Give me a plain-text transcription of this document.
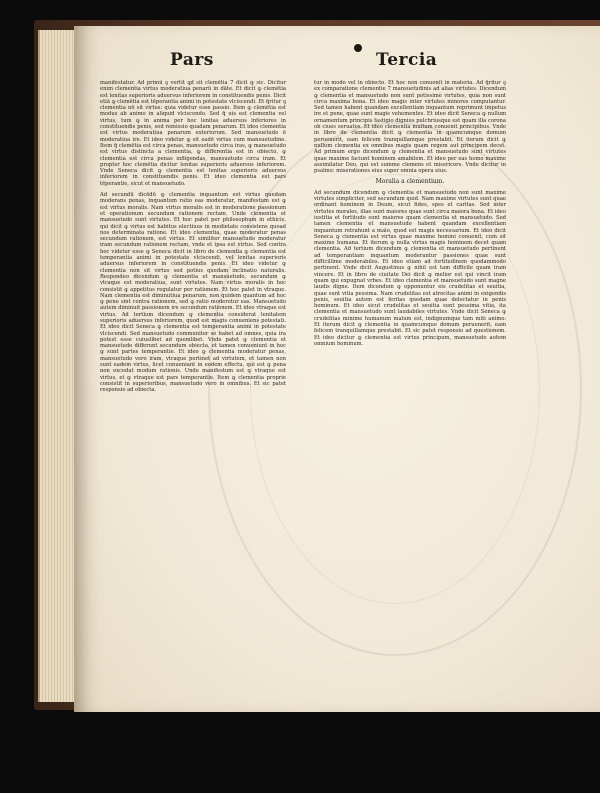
Pars	Tercia

manifestatur. Ad primũ ꝯ vertit ꝗd sit clemētia 7 dicit ꝙ sic. Dicitur enim clementia virtus moderatiua penarū in dāte. Et dicit ꝙ clemētia est lenitas superioris aduersus inferiorem in constituendis penis. Dicit etiā ꝙ clemētia est tēperantia animi in potestate vlciscendi. Et q̄ritur ꝯ clementia nō sit virtus: quia videtur esse passio. Item ꝙ clemētia est modus ab animo in aliquid vlciscendo. Sed q̄ uis est clementia vel virtus, tum ꝙ in anima per hoc lenitas aduersus inferiores in constituendis penis, sed remissio quadam penarum. Et ideo clementia est virtus moderatiua penarum exteriorum. Sed mansuetudo ē moderatiua ire. Et ideo videtur ꝙ sit eadē virtus cum mansuetudine. Item q̄ clemētia est circa penas, mansuetudo circa iras, ꝙ mansuetudo est virtus distincta a clementia, ꝙ differentia est in obiecto, ꝙ clementia est circa penas infligendas, mansuetudo circa iram. Et propter hoc clemētia dicitur lenitas superioris aduersus inferiorem. Vnde Seneca dicit ꝙ clementia est lenitas superioris aduersus inferiorem in constituendis penis. Et ideo clementia est pars tēperantie, sicut et mansuetudo.

Ad secundū dicēdū ꝙ clementia inquantum est virtus quedam moderans penas, inquantum ratio eas moderatur, manifestum est ꝙ est virtus moralis. Nam virtus moralis est in moderatione passionum et operationum secundum rationem rectam. Unde clementia et mansuetudo sunt virtutes. Et hoc patet per philosophum in ethicis, qui dicit ꝙ virtus est habitus electiuus in medietate consistens quoad nos determinata ratione. Et ideo clementia, quae moderatur penas secundum rationem, est virtus. Et similiter mansuetudo moderatur iram secundum rationem rectam, vnde et ipsa est virtus. Sed contra hoc videtur esse ꝙ Seneca dicit in libro de clementia ꝙ clementia est temperantia animi in potestate vlciscendi, vel lenitas superioris aduersus inferiorem in constituendis penis. Et ideo videtur ꝙ clementia non sit virtus sed potius quedam inclinatio naturalis. Respondeo dicendum ꝙ clementia et mansuetudo, secundum ꝙ vtraque est moderatiua, sunt virtutes. Nam virtus moralis in hoc consistit ꝙ appetitus regulatur per rationem. Et hoc patet in vtraque. Nam clementia est diminutiua penarum, non quidem quantum ad hoc ꝙ pene sint contra rationem, sed ꝙ ratio moderetur eas. Mansuetudo autem diminuit passionem ire secundum rationem. Et ideo vtraque est virtus. Ad tertium dicendum ꝙ clementia considerat lenitatem superioris aduersus inferiorem, quod est magis conueniens potestati. Et ideo dicit Seneca ꝙ clementia est temperantia animi in potestate vlciscendi. Sed mansuetudo communiter se habet ad omnes, quia ira potest esse cuiuslibet ad quemlibet. Vnde patet ꝙ clementia et mansuetudo differunt secundum obiecta, et tamen conueniunt in hoc ꝙ sunt partes temperantie. Et ideo ꝙ clementia moderatur penas, mansuetudo vero iram, vtraque pertinet ad virtutem, et tamen non sunt eadem virtus, licet conueniant in eodem effectu, qui est ꝙ pena non excedat modum rationis. Unde manifestum est ꝙ vtraque est virtus, et ꝙ vtraque est pars temperantie. Item ꝙ clementia proprie consistit in superioribus, mansuetudo vero in omnibus. Et sic patet responsio ad obiecta.

tur in modo vel in obiecto. Et hoc non conuenit in materia. Ad q̄ritur ꝯ ex comparatione clementie 7 mansuetudinis ad alias virtutes. Dicendum ꝙ clementia et mansuetudo non sunt potissime virtutes, quia non sunt circa maxima bona. Et ideo magis inter virtutes minores computantur. Sed tamen habent quandam excellentiam inquantum reprimunt impetus ire et pene, quae sunt magis vehementes. Et ideo dicit Seneca ꝙ nullum ornamentum principis fastigio dignius pulchriusque est quam illa corona ob ciues seruatos. Et ideo clementia multum conuenit principibus. Vnde in libro de clementia dicit ꝙ clementia in quamcumque domum peruenerit, eam felicem tranquillamque prestabit. Et iterum dicit ꝙ nullum clementia ex omnibus magis quam regem aut principem decet. Ad primum ergo dicendum ꝙ clementia et mansuetudo sunt virtutes quae maxime faciunt hominem amabilem. Et ideo per eas homo maxime assimilatur Deo, qui est summe clemens et misericors. Vnde dicitur in psalmo: miserationes eius super omnia opera eius.

Moralia a clementium.

Ad secundum dicendum ꝙ clementia et mansuetudo non sunt maxime virtutes simpliciter, sed secundum quid. Nam maxime virtutes sunt quae ordinant hominem in Deum, sicut fides, spes et caritas. Sed inter virtutes morales, illae sunt maiores quae sunt circa maiora bona. Et ideo iustitia et fortitudo sunt maiores quam clementia et mansuetudo. Sed tamen clementia et mansuetudo habent quandam excellentiam inquantum retrahunt a malo, quod est magis necessarium. Et ideo dicit Seneca ꝙ clementia est virtus quae maxime homini conuenit, cum sit maxime humana. Et iterum ꝙ nulla virtus magis hominem decet quam clementia. Ad tertium dicendum ꝙ clementia et mansuetudo pertinent ad temperantiam inquantum moderantur passiones quae sunt difficillime moderabiles. Et ideo etiam ad fortitudinem quodammodo pertinent. Vnde dicit Augustinus ꝙ nihil est tam difficile quam iram vincere. Et in libro de ciuitate Dei dicit ꝙ melior est qui vincit iram quam qui expugnat vrbes. Et ideo clementia et mansuetudo sunt magne laudis digne. Item dicendum ꝙ opponuntur eis crudelitas et seuitia, quae sunt vitia pessima. Nam crudelitas est atrocitas animi in exigendis penis, seuitia autem est feritas quedam quae delectatur in penis hominum. Et ideo sicut crudelitas et seuitia sunt pessima vitia, ita clementia et mansuetudo sunt laudabiles virtutes. Vnde dicit Seneca ꝙ crudelitas minime humanum malum est, indignumque tam miti animo. Et iterum dicit ꝙ clementia in quamcumque domum peruenerit, eam felicem tranquillamque prestabit. Et sic patet responsio ad questionem. Et ideo dicitur ꝙ clementia est virtus principum, mansuetudo autem omnium hominum.
